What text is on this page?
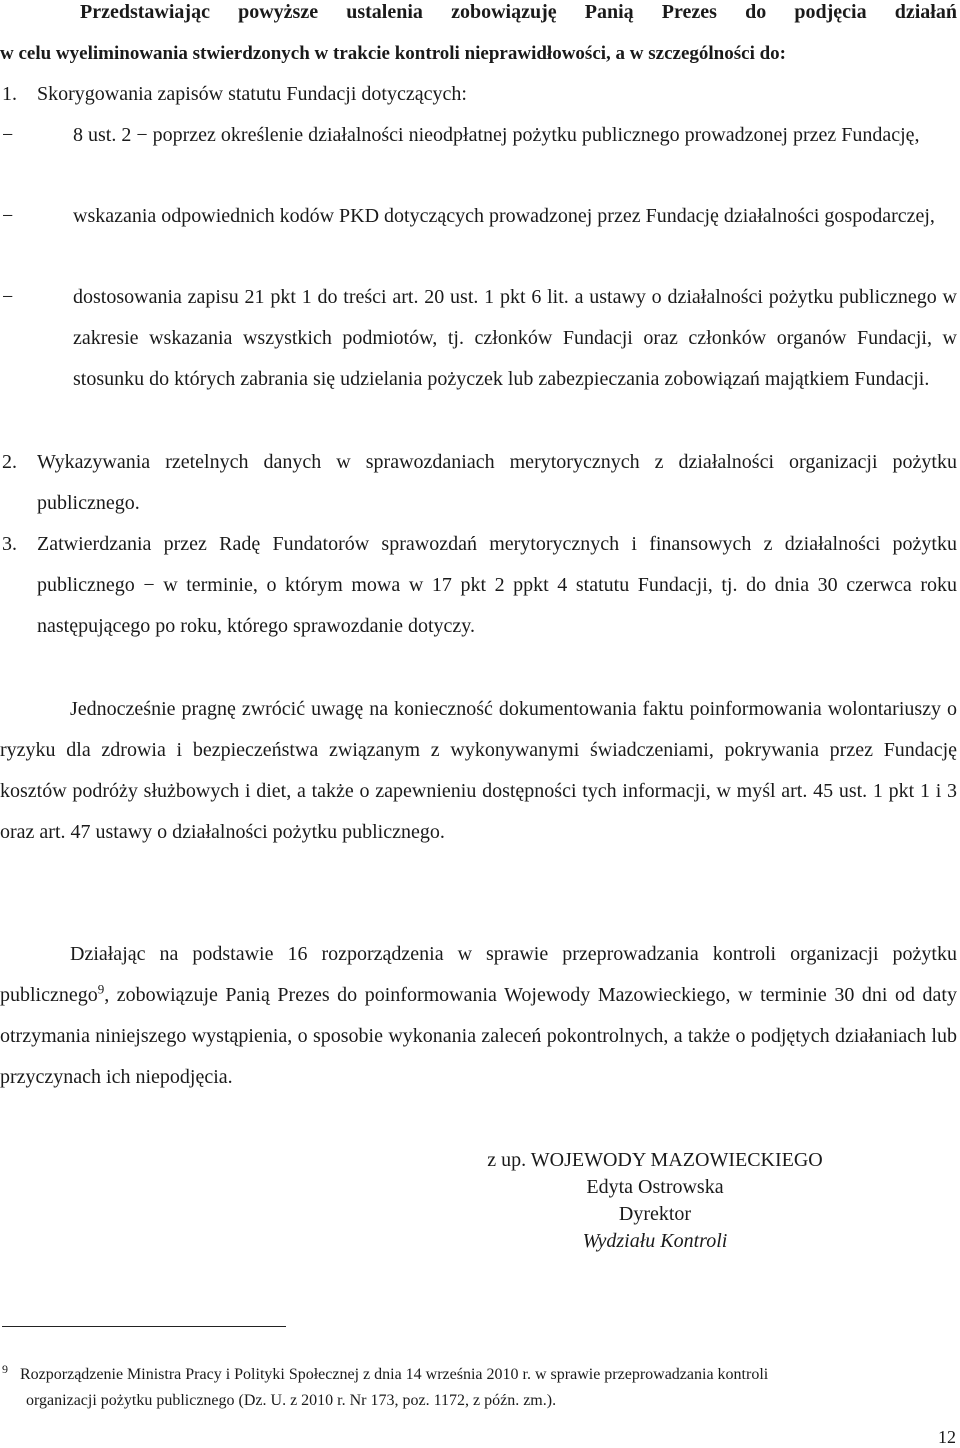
Przedstawiając powyższe ustalenia zobowiązuję Panią Prezes do podjęcia działań
w celu wyeliminowania stwierdzonych w trakcie kontroli nieprawidłowości, a w szczególności do:
1. Skorygowania zapisów statutu Fundacji dotyczących:
−	8 ust. 2 − poprzez określenie działalności nieodpłatnej pożytku publicznego prowadzonej przez Fundację,
−	wskazania odpowiednich kodów PKD dotyczących prowadzonej przez Fundację działalności gospodarczej,
−	dostosowania zapisu 21 pkt 1 do treści art. 20 ust. 1 pkt 6 lit. a ustawy o działalności pożytku publicznego w zakresie wskazania wszystkich podmiotów, tj. członków Fundacji oraz członków organów Fundacji, w stosunku do których zabrania się udzielania pożyczek lub zabezpieczania zobowiązań majątkiem Fundacji.
2. Wykazywania rzetelnych danych w sprawozdaniach merytorycznych z działalności organizacji pożytku publicznego.
3. Zatwierdzania przez Radę Fundatorów sprawozdań merytorycznych i finansowych z działalności pożytku publicznego − w terminie, o którym mowa w 17 pkt 2 ppkt 4 statutu Fundacji, tj. do dnia 30 czerwca roku następującego po roku, którego sprawozdanie dotyczy.
Jednocześnie pragnę zwrócić uwagę na konieczność dokumentowania faktu poinformowania wolontariuszy o ryzyku dla zdrowia i bezpieczeństwa związanym z wykonywanymi świadczeniami, pokrywania przez Fundację kosztów podróży służbowych i diet, a także o zapewnieniu dostępności tych informacji, w myśl art. 45 ust. 1 pkt 1 i 3 oraz art. 47 ustawy o działalności pożytku publicznego.
Działając na podstawie 16 rozporządzenia w sprawie przeprowadzania kontroli organizacji pożytku publicznego$^9$, zobowiązuje Panią Prezes do poinformowania Wojewody Mazowieckiego, w terminie 30 dni od daty otrzymania niniejszego wystąpienia, o sposobie wykonania zaleceń pokontrolnych, a także o podjętych działaniach lub przyczynach ich niepodjęcia.
z up. WOJEWODY MAZOWIECKIEGO
Edyta Ostrowska
Dyrektor
Wydziału Kontroli
9 Rozporządzenie Ministra Pracy i Polityki Społecznej z dnia 14 września 2010 r. w sprawie przeprowadzania kontroli
organizacji pożytku publicznego (Dz. U. z 2010 r. Nr 173, poz. 1172, z późn. zm.).
12
